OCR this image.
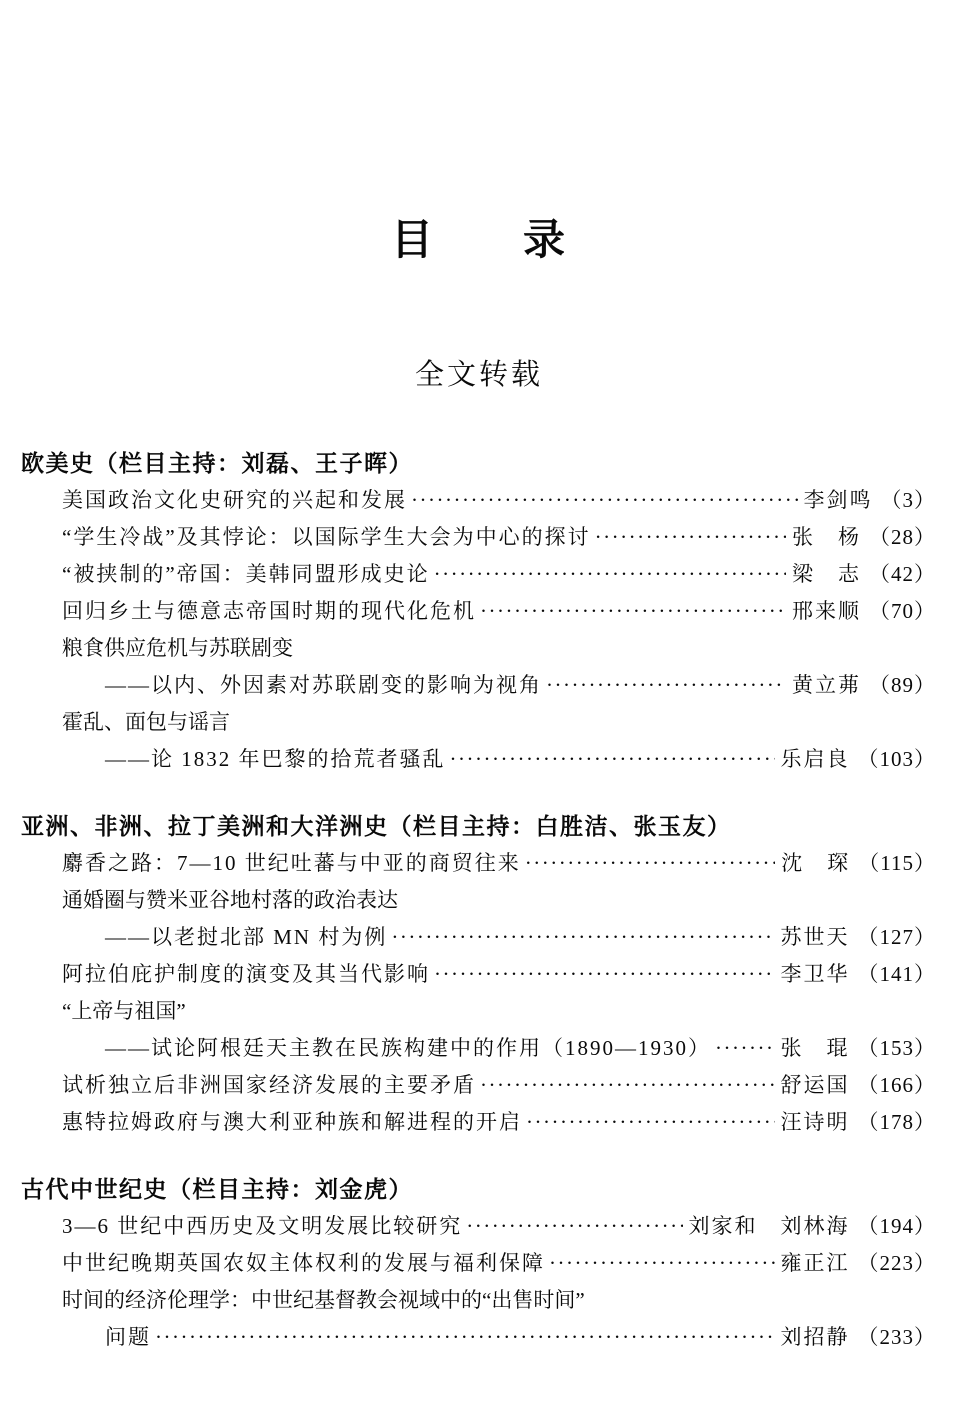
目　　录
全文转载
欧美史（栏目主持：刘磊、王子晖）
美国政治文化史研究的兴起和发展 ·····	李剑鸣 （3）
“学生冷战”及其悖论：以国际学生大会为中心的探讨 ·····	张　杨 （28）
“被挟制的”帝国：美韩同盟形成史论 ·····	梁　志 （42）
回归乡土与德意志帝国时期的现代化危机 ·····	邢来顺 （70）
粮食供应危机与苏联剧变
——以内、外因素对苏联剧变的影响为视角 ·····	黄立茀 （89）
霍乱、面包与谣言
——论 1832 年巴黎的拾荒者骚乱 ·····	乐启良 （103）
亚洲、非洲、拉丁美洲和大洋洲史（栏目主持：白胜洁、张玉友）
麝香之路：7—10 世纪吐蕃与中亚的商贸往来 ·····	沈　琛 （115）
通婚圈与赞米亚谷地村落的政治表达
——以老挝北部 MN 村为例 ·····	苏世天 （127）
阿拉伯庇护制度的演变及其当代影响 ·····	李卫华 （141）
“上帝与祖国”
——试论阿根廷天主教在民族构建中的作用（1890—1930） ·····	张　琨 （153）
试析独立后非洲国家经济发展的主要矛盾 ·····	舒运国 （166）
惠特拉姆政府与澳大利亚种族和解进程的开启 ·····	汪诗明 （178）
古代中世纪史（栏目主持：刘金虎）
3—6 世纪中西历史及文明发展比较研究 ·····	刘家和　刘林海 （194）
中世纪晚期英国农奴主体权利的发展与福利保障 ·····	雍正江 （223）
时间的经济伦理学：中世纪基督教会视域中的“出售时间”
问题 ·····	刘招静 （233）
